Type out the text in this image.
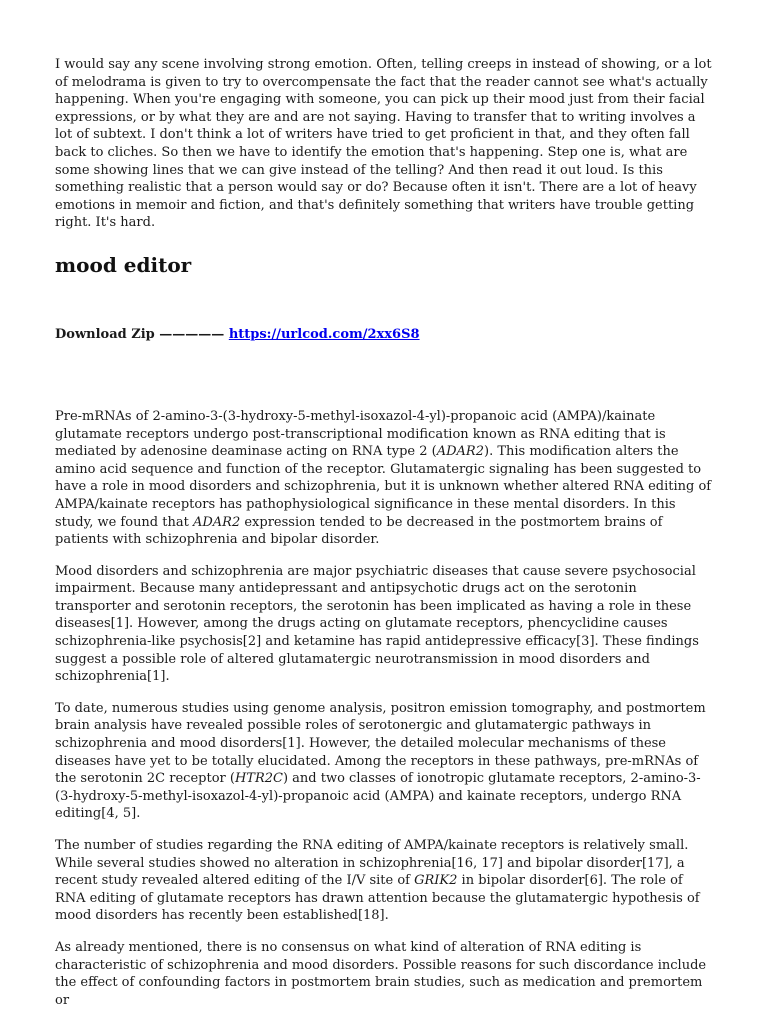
I would say any scene involving strong emotion. Often, telling creeps in instead of showing, or a lot of melodrama is given to try to overcompensate the fact that the reader cannot see what's actually happening. When you're engaging with someone, you can pick up their mood just from their facial expressions, or by what they are and are not saying. Having to transfer that to writing involves a lot of subtext. I don't think a lot of writers have tried to get proficient in that, and they often fall back to cliches. So then we have to identify the emotion that's happening. Step one is, what are some showing lines that we can give instead of the telling? And then read it out loud. Is this something realistic that a person would say or do? Because often it isn't. There are a lot of heavy emotions in memoir and fiction, and that's definitely something that writers have trouble getting right. It's hard.

mood editor
Download Zip ————— https://urlcod.com/2xx6S8

Pre-mRNAs of 2-amino-3-(3-hydroxy-5-methyl-isoxazol-4-yl)-propanoic acid (AMPA)/kainate glutamate receptors undergo post-transcriptional modification known as RNA editing that is mediated by adenosine deaminase acting on RNA type 2 (ADAR2). This modification alters the amino acid sequence and function of the receptor. Glutamatergic signaling has been suggested to have a role in mood disorders and schizophrenia, but it is unknown whether altered RNA editing of AMPA/kainate receptors has pathophysiological significance in these mental disorders. In this study, we found that ADAR2 expression tended to be decreased in the postmortem brains of patients with schizophrenia and bipolar disorder.

Mood disorders and schizophrenia are major psychiatric diseases that cause severe psychosocial impairment. Because many antidepressant and antipsychotic drugs act on the serotonin transporter and serotonin receptors, the serotonin has been implicated as having a role in these diseases[1]. However, among the drugs acting on glutamate receptors, phencyclidine causes schizophrenia-like psychosis[2] and ketamine has rapid antidepressive efficacy[3]. These findings suggest a possible role of altered glutamatergic neurotransmission in mood disorders and schizophrenia[1].

To date, numerous studies using genome analysis, positron emission tomography, and postmortem brain analysis have revealed possible roles of serotonergic and glutamatergic pathways in schizophrenia and mood disorders[1]. However, the detailed molecular mechanisms of these diseases have yet to be totally elucidated. Among the receptors in these pathways, pre-mRNAs of the serotonin 2C receptor (HTR2C) and two classes of ionotropic glutamate receptors, 2-amino-3-(3-hydroxy-5-methyl-isoxazol-4-yl)-propanoic acid (AMPA) and kainate receptors, undergo RNA editing[4, 5].

The number of studies regarding the RNA editing of AMPA/kainate receptors is relatively small. While several studies showed no alteration in schizophrenia[16, 17] and bipolar disorder[17], a recent study revealed altered editing of the I/V site of GRIK2 in bipolar disorder[6]. The role of RNA editing of glutamate receptors has drawn attention because the glutamatergic hypothesis of mood disorders has recently been established[18].

As already mentioned, there is no consensus on what kind of alteration of RNA editing is characteristic of schizophrenia and mood disorders. Possible reasons for such discordance include the effect of confounding factors in postmortem brain studies, such as medication and premortem or
